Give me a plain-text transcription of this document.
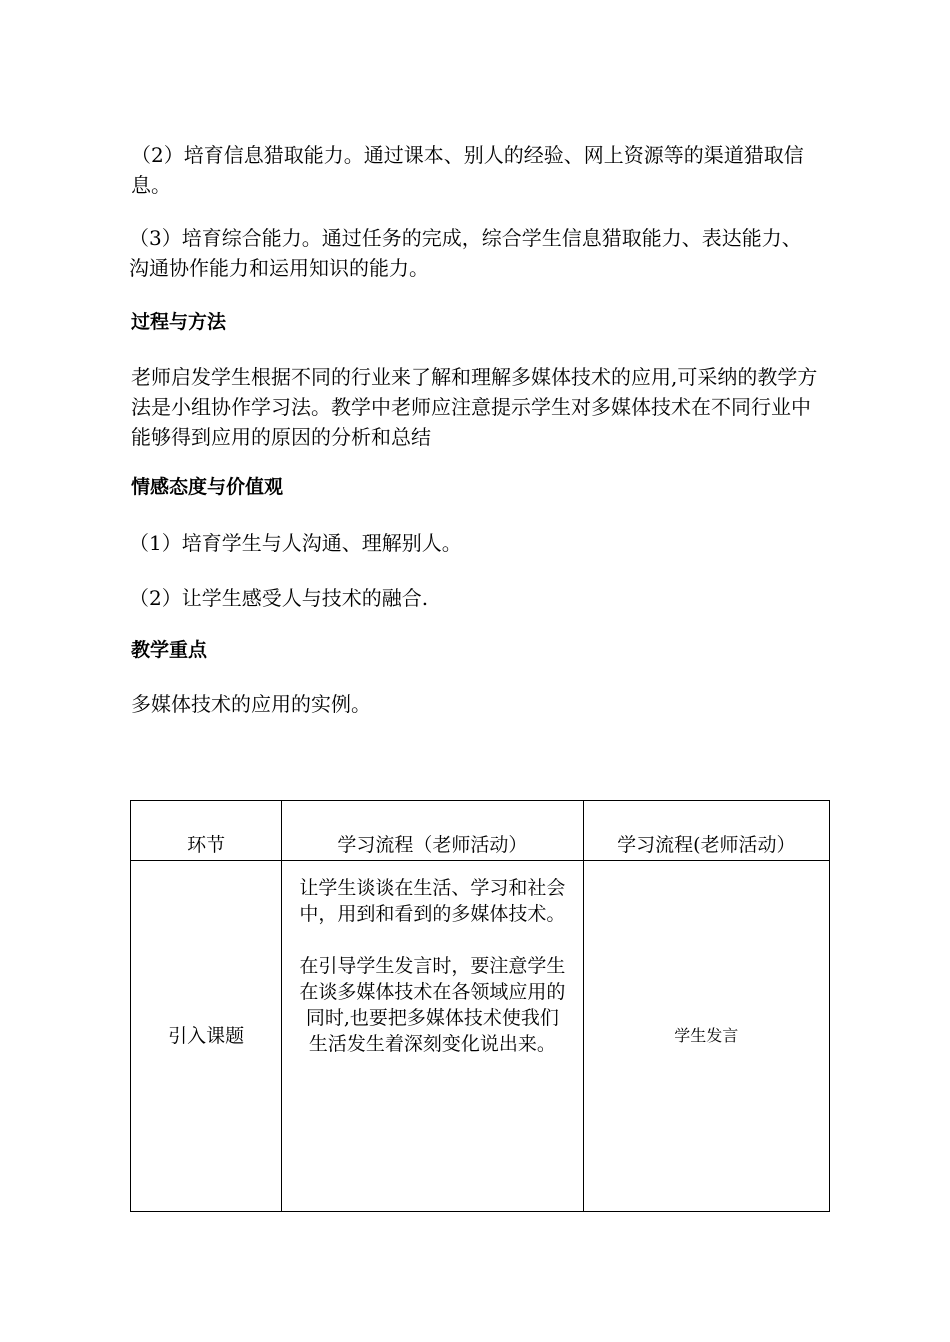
（2）培育信息猎取能力。通过课本、别人的经验、网上资源等的渠道猎取信息。

（3）培育综合能力。通过任务的完成，综合学生信息猎取能力、表达能力、沟通协作能力和运用知识的能力。

过程与方法

老师启发学生根据不同的行业来了解和理解多媒体技术的应用,可采纳的教学方法是小组协作学习法。教学中老师应注意提示学生对多媒体技术在不同行业中能够得到应用的原因的分析和总结

情感态度与价值观

（1）培育学生与人沟通、理解别人。

（2）让学生感受人与技术的融合.

教学重点

多媒体技术的应用的实例。

环节	学习流程（老师活动）	学习流程(老师活动）
引入课题	让学生谈谈在生活、学习和社会中，用到和看到的多媒体技术。

在引导学生发言时，要注意学生在谈多媒体技术在各领域应用的同时,也要把多媒体技术使我们生活发生着深刻变化说出来。	学生发言
